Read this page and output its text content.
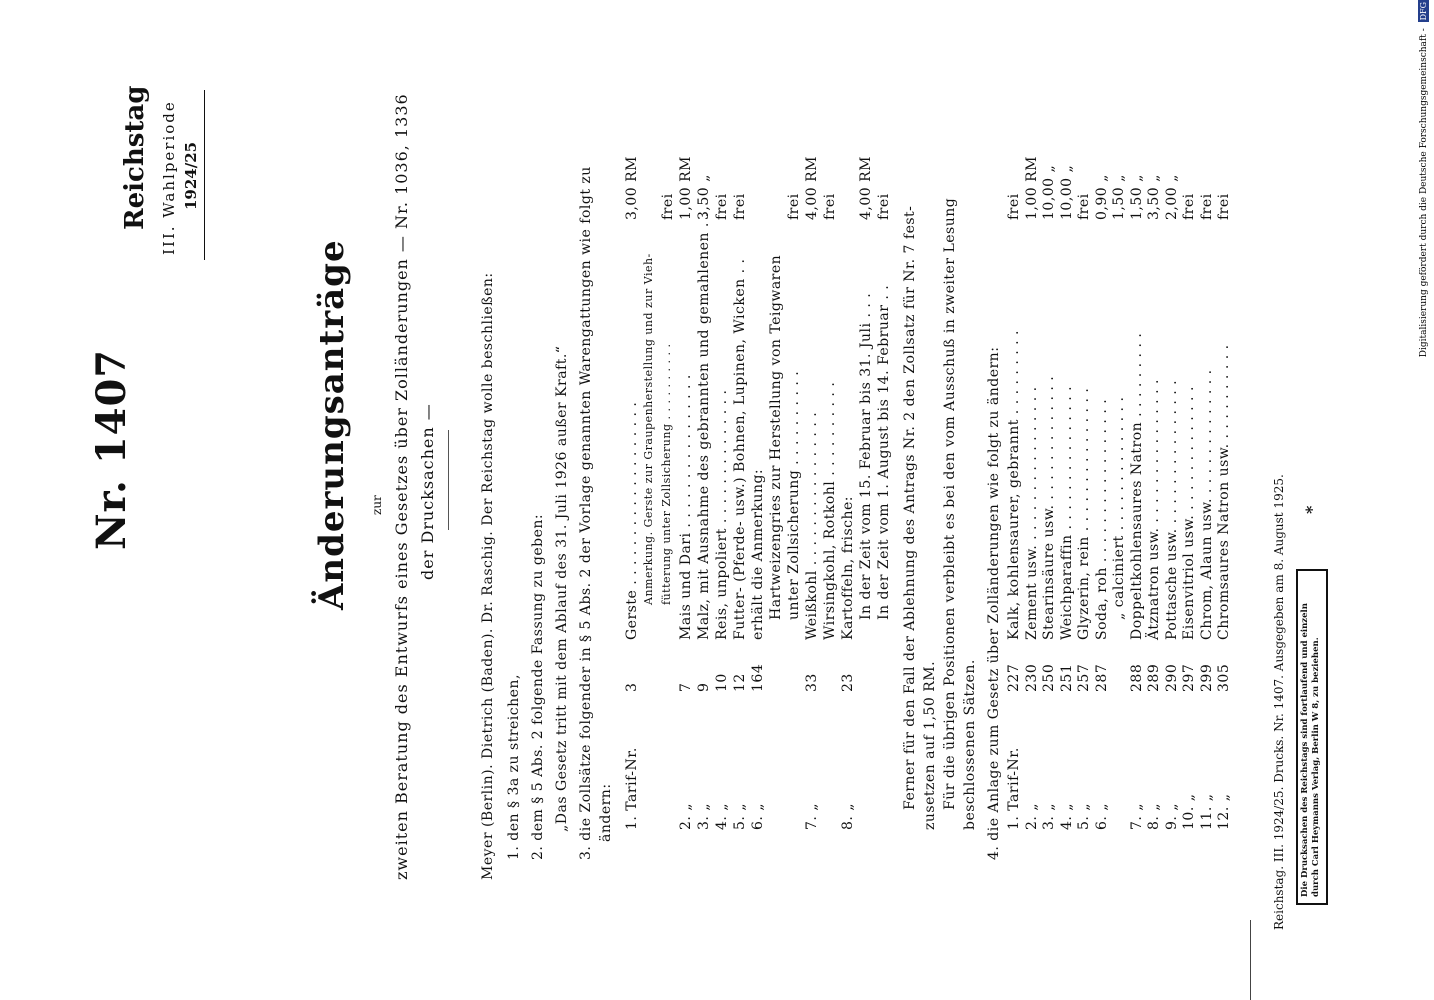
Nr. 1407
Reichstag III. Wahlperiode 1924/25
Änderungsanträge zur zweiten Beratung des Entwurfs eines Gesetzes über Zolländerungen — Nr. 1036, 1336 der Drucksachen —	Meyer (Berlin). Dietrich (Baden). Dr. Raschig. Der Reichstag wolle beschließen: 1. den § 3a zu streichen, 2. dem § 5 Abs. 2 folgende Fassung zu geben: „Das Gesetz tritt mit dem Ablauf des 31. Juli 1926 außer Kraft.“ 3. die Zollsätze folgender in § 5 Abs. 2 der Vorlage genannten Warengattungen wie folgt zu ändern: 1. Tarif-Nr.
3
Gerste . . . . . . . . . . . . . . . . . . .
3,00 RM
Anmerkung. Gerste zur Graupenherstellung und zur Vieh- fütterung unter Zollsicherung . . . . . . . . . .
frei
2. „
7
Mais und Dari . . . . . . . . . . . . . . . .
1,00 RM
3. „
9
Malz, mit Ausnahme des gebrannten und gemahlenen . .
3,50 „
4. „
10
Reis, unpoliert . . . . . . . . . . . . . .
frei
5. „
12
Futter- (Pferde- usw.) Bohnen, Lupinen, Wicken . .
frei
6. „
164
erhält die Anmerkung: Hartweizengries zur Herstellung von Teigwaren unter Zollsicherung . . . . . . . . . .
frei
7. „
33
Weißkohl . . . . . . . . . . . . . . . .
4,00 RM
Wirsingkohl, Rotkohl . . . . . . . . . .
frei
8. „
23
Kartoffeln, frische: In der Zeit vom 15. Februar bis 31. Juli . . .
4,00 RM
In der Zeit vom 1. August bis 14. Februar . .
frei Ferner für den Fall der Ablehnung des Antrags Nr. 2 den Zollsatz für Nr. 7 fest- zusetzen auf 1,50 RM. Für die übrigen Positionen verbleibt es bei den vom Ausschuß in zweiter Lesung beschlossenen Sätzen. 4. die Anlage zum Gesetz über Zolländerungen wie folgt zu ändern: 1. Tarif-Nr.
227
Kalk, kohlensaurer, gebrannt . . . . . . . . .
frei
2. „
230
Zement usw. . . . . . . . . . . . . . . . .
1,00 RM
3. „
250
Stearinsäure usw. . . . . . . . . . . . . .
10,00 „
4. „
251
Weichparaffin . . . . . . . . . . . . . . .
10,00 „
5. „
257
Glyzerin, rein . . . . . . . . . . . . . . .
frei
6. „
287
Soda, roh . . . . . . . . . . . . . . . . .
0,90 „
„ calciniert . . . . . . . . . . . . . .
1,50 „
7. „
288
Doppeltkohlensaures Natron . . . . . . . . .
1,50 „
8. „
289
Ätznatron usw. . . . . . . . . . . . . . . .
3,50 „
9. „
290
Pottasche usw. . . . . . . . . . . . . . . .
2,00 „
10. „
297
Eisenvitriol usw. . . . . . . . . . . . . .
frei
11. „
299
Chrom, Alaun usw. . . . . . . . . . . . . .
frei
12. „
305
Chromsaures Natron usw. . . . . . . . . . .
frei
Reichstag. III. 1924/25. Drucks. Nr. 1407. Ausgegeben am 8. August 1925.	Die Drucksachen des Reichstags sind fortlaufend und einzeln durch Carl Heymanns Verlag, Berlin W 8, zu beziehen.
*
Digitalisierung gefördert durch die Deutsche Forschungsgemeinschaft - DFG
